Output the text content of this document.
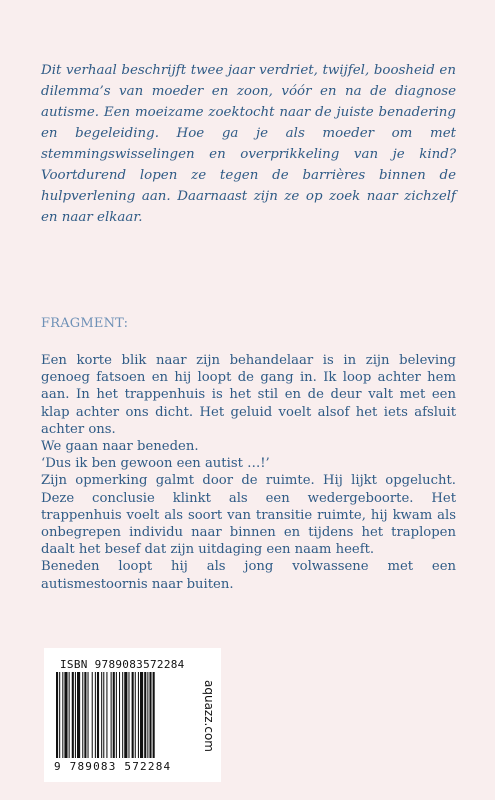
Dit verhaal beschrijft twee jaar verdriet, twijfel, boosheid en dilemma’s van moeder en zoon, vóór en na de diagnose autisme. Een moeizame zoektocht naar de juiste benadering en begeleiding. Hoe ga je als moeder om met stemmingswisselingen en overprikkeling van je kind? Voortdurend lopen ze tegen de barrières binnen de hulpverlening aan. Daarnaast zijn ze op zoek naar zichzelf en naar elkaar.

FRAGMENT:

Een korte blik naar zijn behandelaar is in zijn beleving genoeg fatsoen en hij loopt de gang in. Ik loop achter hem aan. In het trappenhuis is het stil en de deur valt met een klap achter ons dicht. Het geluid voelt alsof het iets afsluit achter ons.

We gaan naar beneden.

‘Dus ik ben gewoon een autist …!’

Zijn opmerking galmt door de ruimte. Hij lijkt opgelucht. Deze conclusie klinkt als een wedergeboorte. Het trappenhuis voelt als soort van transitie ruimte, hij kwam als onbegrepen individu naar binnen en tijdens het traplopen daalt het besef dat zijn uitdaging een naam heeft.

Beneden loopt hij als jong volwassene met een autismestoornis naar buiten.

ISBN 9789083572284
9 789083 572284
aquazz.com
